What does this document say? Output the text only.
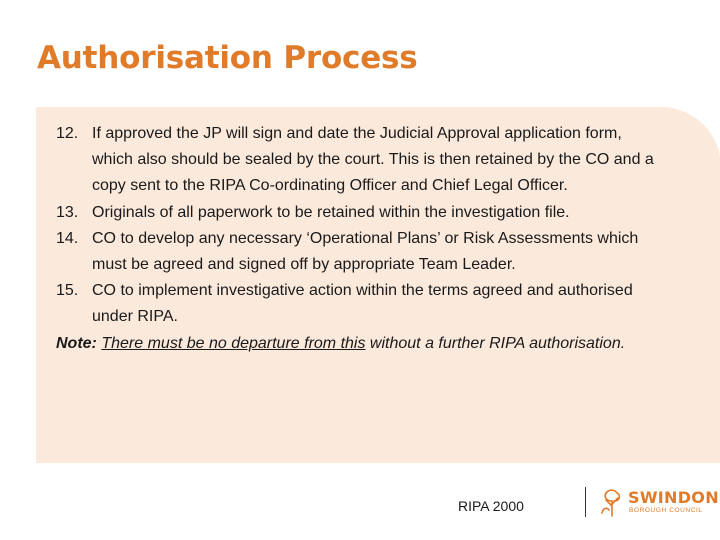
Authorisation Process
12. If approved the JP will sign and date the Judicial Approval application form, which also should be sealed by the court. This is then retained by the CO and a copy sent to the RIPA Co-ordinating Officer and Chief Legal Officer.
13. Originals of all paperwork to be retained within the investigation file.
14. CO to develop any necessary ‘Operational Plans’ or Risk Assessments which must be agreed and signed off by appropriate Team Leader.
15. CO to implement investigative action within the terms agreed and authorised under RIPA.
Note: There must be no departure from this without a further RIPA authorisation.
RIPA 2000	SWINDON
BOROUGH COUNCIL
